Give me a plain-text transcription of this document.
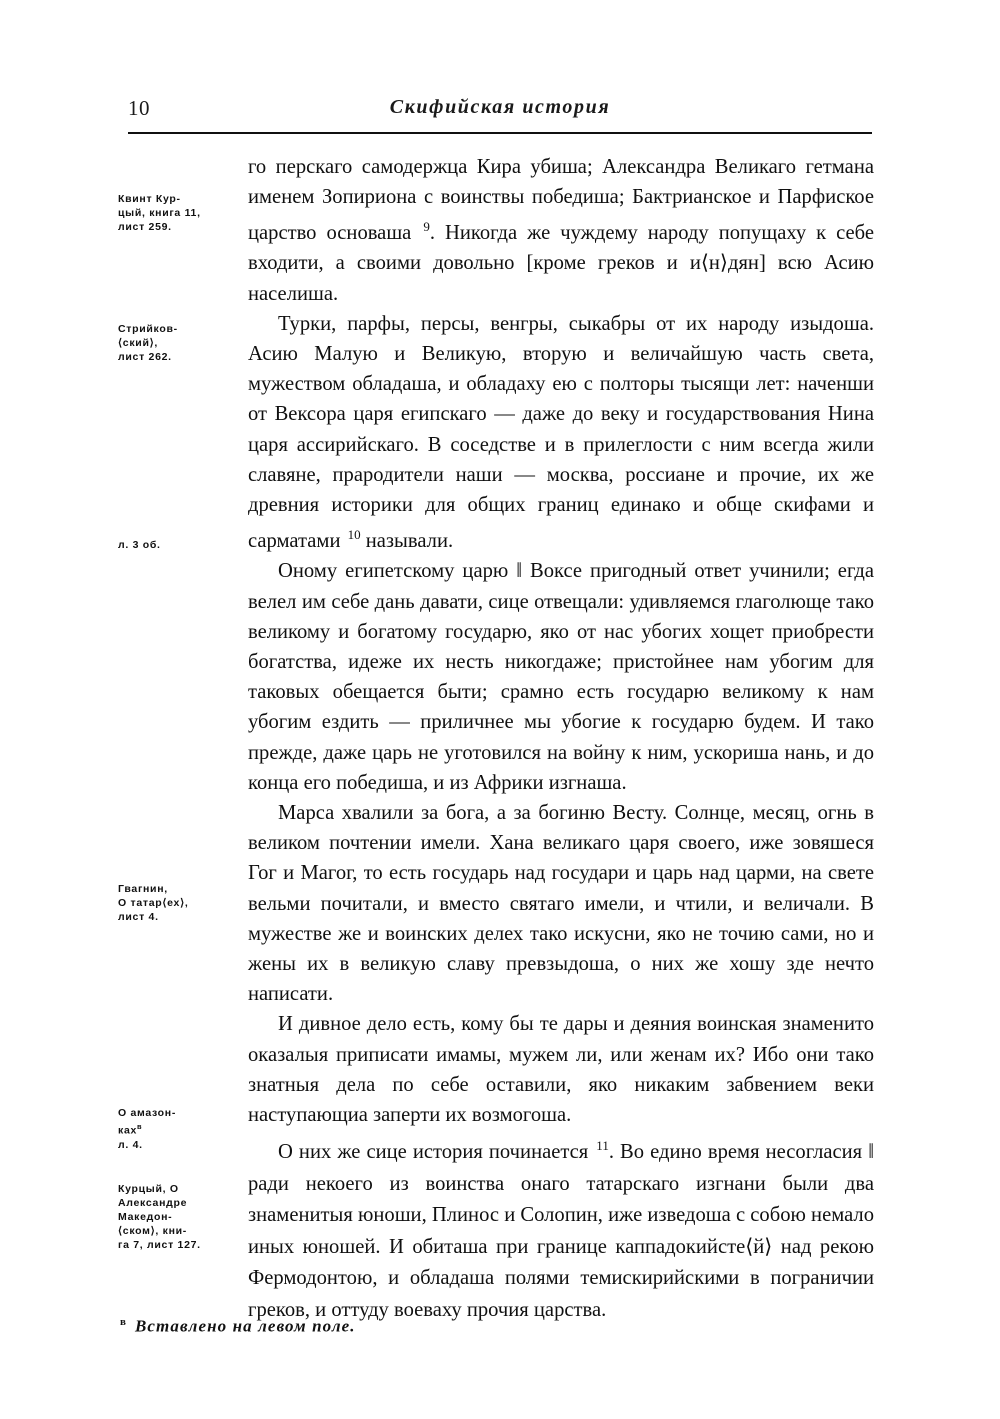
10	Скифийская история
Квинт Кур-
цый, книга 11,
лист 259.
Стрийков-
⟨ский⟩,
лист 262.
л. 3 об.
Гвагнин,
О татар⟨ех⟩,
лист 4.
О амазон-
ках$^в$
л. 4.
Курцый, О
Александре
Македон-
⟨ском⟩, кни-
га 7, лист 127.

го перскаго самодержца Кира убиша; Александра Великаго гетмана именем Зопириона с воинствы победиша; Бактрианское и Парфиское царство основаша $^9$. Никогда же чуждему народу попущаху к себе входити, а своими довольно [кроме греков и и⟨н⟩дян] всю Асию населиша.

Турки, парфы, персы, венгры, сыкабры от их народу изыдоша. Асию Малую и Великую, вторую и величайшую часть света, мужеством обладаша, и обладаху ею с полторы тысящи лет: наченши от Вексора царя египскаго — даже до веку и государствования Нина царя ассирийскаго. В соседстве и в прилеглости с ним всегда жили славяне, прародители наши — москва, россиане и прочие, их же древния историки для общих границ единако и обще скифами и сарматами $^{10}$ называли.

Оному египетскому царю ‖ Воксе пригодный ответ учинили; егда велел им себе дань давати, сице отвещали: удивляемся глаголюще тако великому и богатому государю, яко от нас убогих хощет приобрести богатства, идеже их несть никогдаже; пристойнее нам убогим для таковых обещается быти; срамно есть государю великому к нам убогим ездить — приличнее мы убогие к государю будем. И тако прежде, даже царь не уготовился на войну к ним, ускориша нань, и до конца его победиша, и из Африки изгнаша.

Марса хвалили за бога, а за богиню Весту. Солнце, месяц, огнь в великом почтении имели. Хана великаго царя своего, иже зовяшеся Гог и Магог, то есть государь над государи и царь над царми, на свете вельми почитали, и вместо святаго имели, и чтили, и величали. В мужестве же и воинских делех тако искусни, яко не точию сами, но и жены их в великую славу превзыдоша, о них же хошу зде нечто написати.

И дивное дело есть, кому бы те дары и деяния воинская знаменито оказалыя приписати имамы, мужем ли, или женам их? Ибо они тако знатныя дела по себе оставили, яко никаким забвением веки наступающиа заперти их возмогоша.

О них же сице история починается $^{11}$. Во едино время несогласия ‖ ради некоего из воинства онаго татарскаго изгнани были два знаменитыя юноши, Плинос и Солопин, иже изведоша с собою немало иных юношей. И обиташа при границе каппадокийсте⟨й⟩ над рекою Фермодонтою, и обладаша полями темискирийскими в пограничии греков, и оттуду воеваху прочия царства.

$^в$ Вставлено на левом поле.
